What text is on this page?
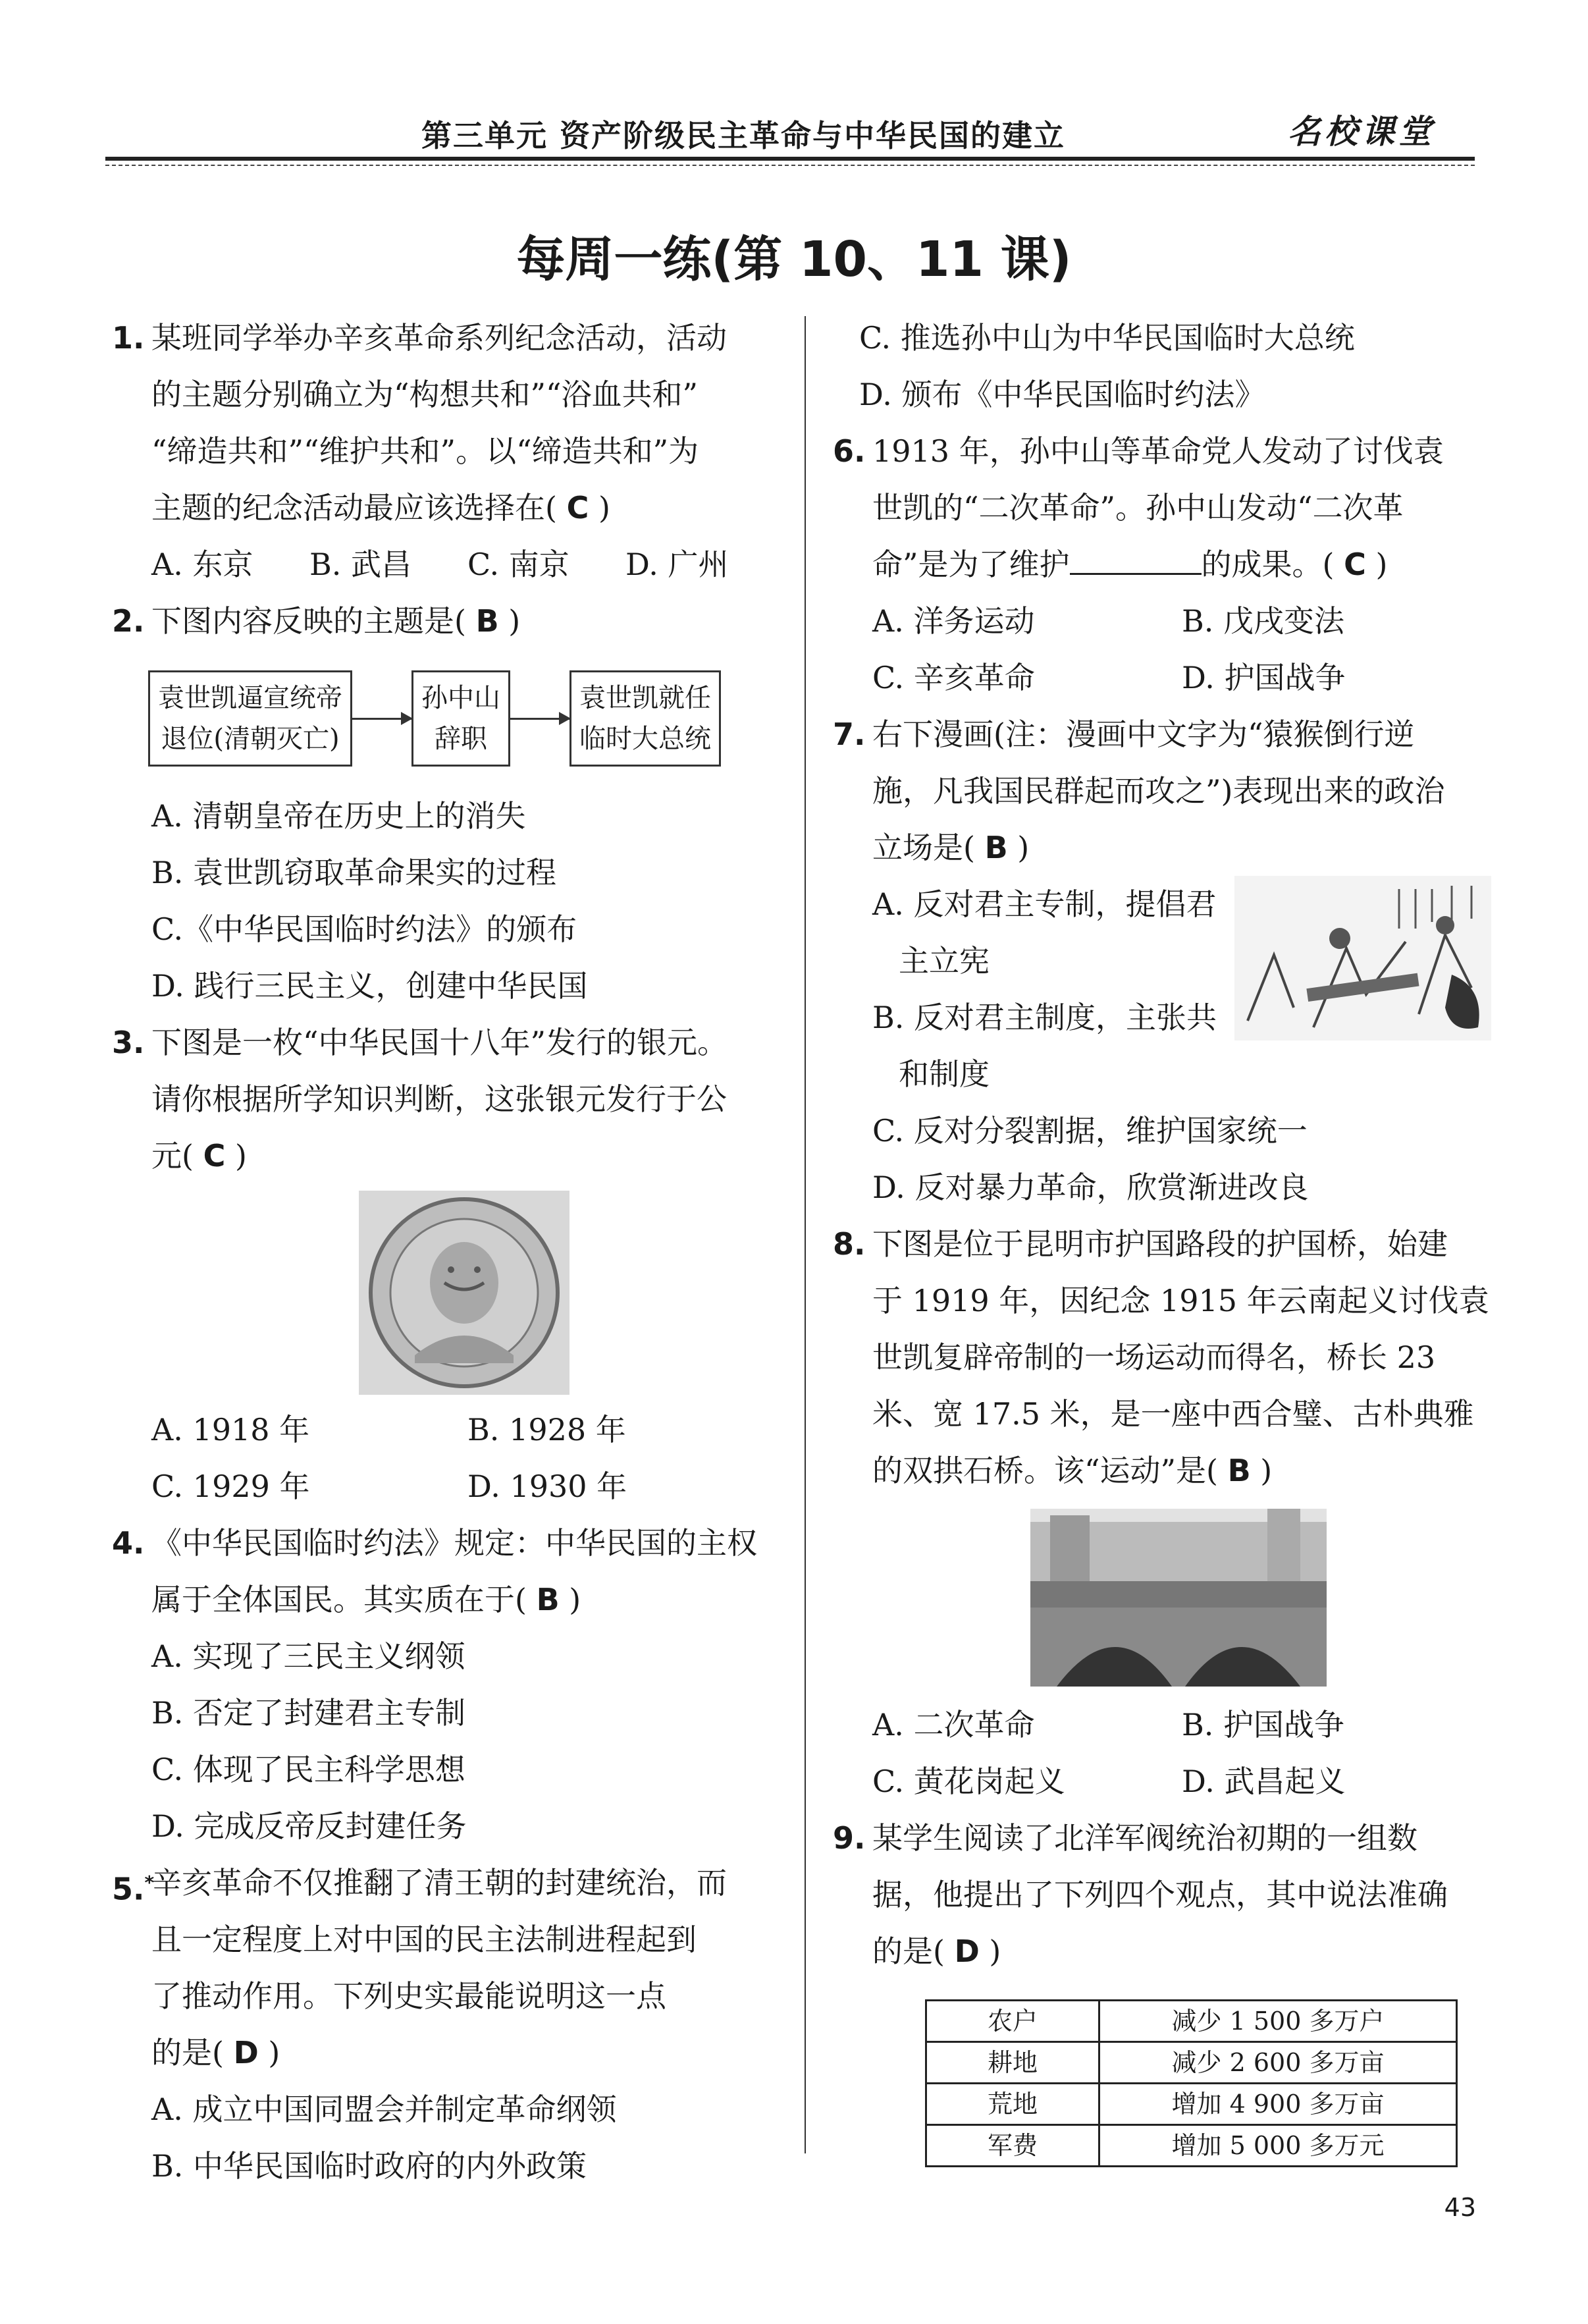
第三单元 资产阶级民主革命与中华民国的建立	名校课堂
每周一练(第 10、11 课)
1. 某班同学举办辛亥革命系列纪念活动，活动
的主题分别确立为“构想共和”“浴血共和”
“缔造共和”“维护共和”。以“缔造共和”为
主题的纪念活动最应该选择在( C )
A. 东京	B. 武昌	C. 南京	D. 广州
2. 下图内容反映的主题是( B )
袁世凯逼宣统帝
退位(清朝灭亡)
孙中山
辞职
袁世凯就任
临时大总统
A. 清朝皇帝在历史上的消失
B. 袁世凯窃取革命果实的过程
C.《中华民国临时约法》的颁布
D. 践行三民主义，创建中华民国
3. 下图是一枚“中华民国十八年”发行的银元。
请你根据所学知识判断，这张银元发行于公
元( C )
A. 1918 年	B. 1928 年
C. 1929 年	D. 1930 年
4. 《中华民国临时约法》规定：中华民国的主权
属于全体国民。其实质在于( B )
A. 实现了三民主义纲领
B. 否定了封建君主专制
C. 体现了民主科学思想
D. 完成反帝反封建任务
5.*
辛亥革命不仅推翻了清王朝的封建统治，而
且一定程度上对中国的民主法制进程起到
了推动作用。下列史实最能说明这一点
的是( D )
A. 成立中国同盟会并制定革命纲领
B. 中华民国临时政府的内外政策
C. 推选孙中山为中华民国临时大总统
D. 颁布《中华民国临时约法》
6. 1913 年，孙中山等革命党人发动了讨伐袁
世凯的“二次革命”。孙中山发动“二次革
命”是为了维护	的成果。( C )
A. 洋务运动	B. 戊戌变法
C. 辛亥革命	D. 护国战争
7. 右下漫画(注：漫画中文字为“猿猴倒行逆
施，凡我国民群起而攻之”)表现出来的政治
立场是( B )
A. 反对君主专制，提倡君
主立宪
B. 反对君主制度，主张共
和制度
C. 反对分裂割据，维护国家统一
D. 反对暴力革命，欣赏渐进改良
8. 下图是位于昆明市护国路段的护国桥，始建
于 1919 年，因纪念 1915 年云南起义讨伐袁
世凯复辟帝制的一场运动而得名，桥长 23
米、宽 17.5 米，是一座中西合璧、古朴典雅
的双拱石桥。该“运动”是( B )
A. 二次革命	B. 护国战争
C. 黄花岗起义	D. 武昌起义
9. 某学生阅读了北洋军阀统治初期的一组数
据，他提出了下列四个观点，其中说法准确
的是( D )
农户	减少 1 500 多万户
耕地	减少 2 600 多万亩
荒地	增加 4 900 多万亩
军费	增加 5 000 多万元
43
